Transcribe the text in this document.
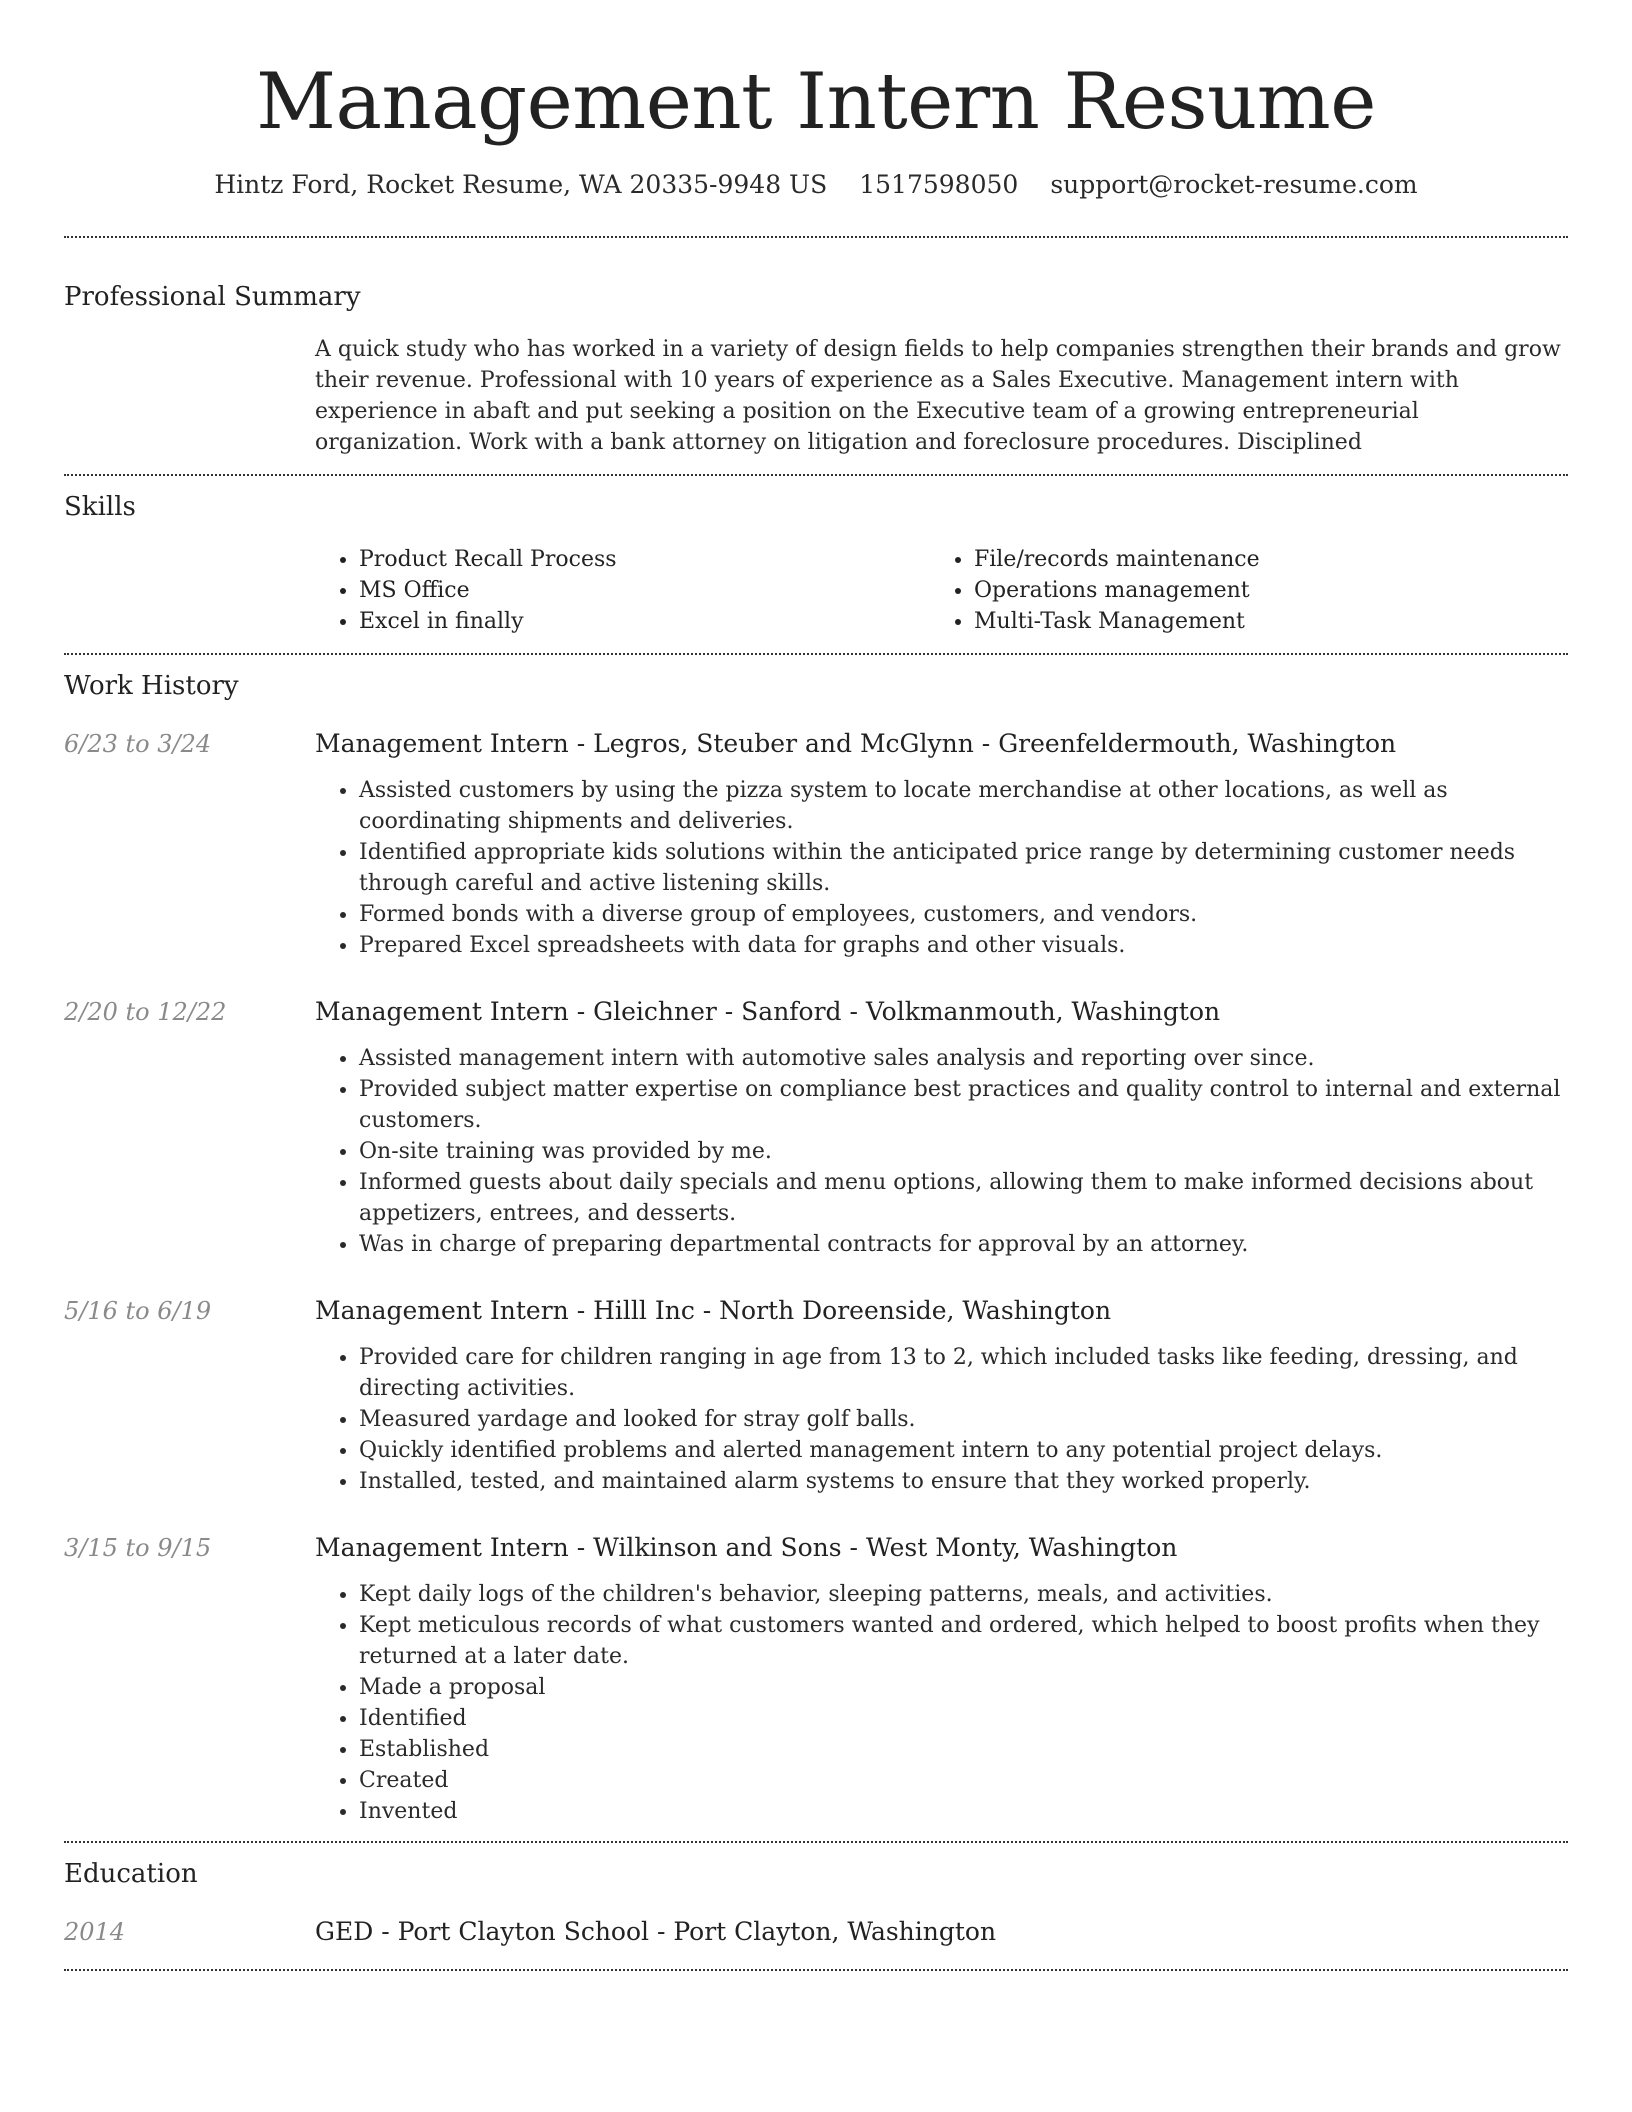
Management Intern Resume
Hintz Ford, Rocket Resume, WA 20335-9948 US 1517598050 support@rocket-resume.com
Professional Summary

A quick study who has worked in a variety of design fields to help companies strengthen their brands and grow their revenue. Professional with 10 years of experience as a Sales Executive. Management intern with experience in abaft and put seeking a position on the Executive team of a growing entrepreneurial organization. Work with a bank attorney on litigation and foreclosure procedures. Disciplined

Skills
• Product Recall Process
• MS Office
• Excel in finally
• File/records maintenance
• Operations management
• Multi-Task Management
Work History
6/23 to 3/24	Management Intern - Legros, Steuber and McGlynn - Greenfeldermouth, Washington
• Assisted customers by using the pizza system to locate merchandise at other locations, as well as coordinating shipments and deliveries.
• Identified appropriate kids solutions within the anticipated price range by determining customer needs through careful and active listening skills.
• Formed bonds with a diverse group of employees, customers, and vendors.
• Prepared Excel spreadsheets with data for graphs and other visuals.
2/20 to 12/22	Management Intern - Gleichner - Sanford - Volkmanmouth, Washington
• Assisted management intern with automotive sales analysis and reporting over since.
• Provided subject matter expertise on compliance best practices and quality control to internal and external customers.
• On-site training was provided by me.
• Informed guests about daily specials and menu options, allowing them to make informed decisions about appetizers, entrees, and desserts.
• Was in charge of preparing departmental contracts for approval by an attorney.
5/16 to 6/19	Management Intern - Hilll Inc - North Doreenside, Washington
• Provided care for children ranging in age from 13 to 2, which included tasks like feeding, dressing, and directing activities.
• Measured yardage and looked for stray golf balls.
• Quickly identified problems and alerted management intern to any potential project delays.
• Installed, tested, and maintained alarm systems to ensure that they worked properly.
3/15 to 9/15	Management Intern - Wilkinson and Sons - West Monty, Washington
• Kept daily logs of the children's behavior, sleeping patterns, meals, and activities.
• Kept meticulous records of what customers wanted and ordered, which helped to boost profits when they returned at a later date.
• Made a proposal
• Identified
• Established
• Created
• Invented
Education
2014	GED - Port Clayton School - Port Clayton, Washington
